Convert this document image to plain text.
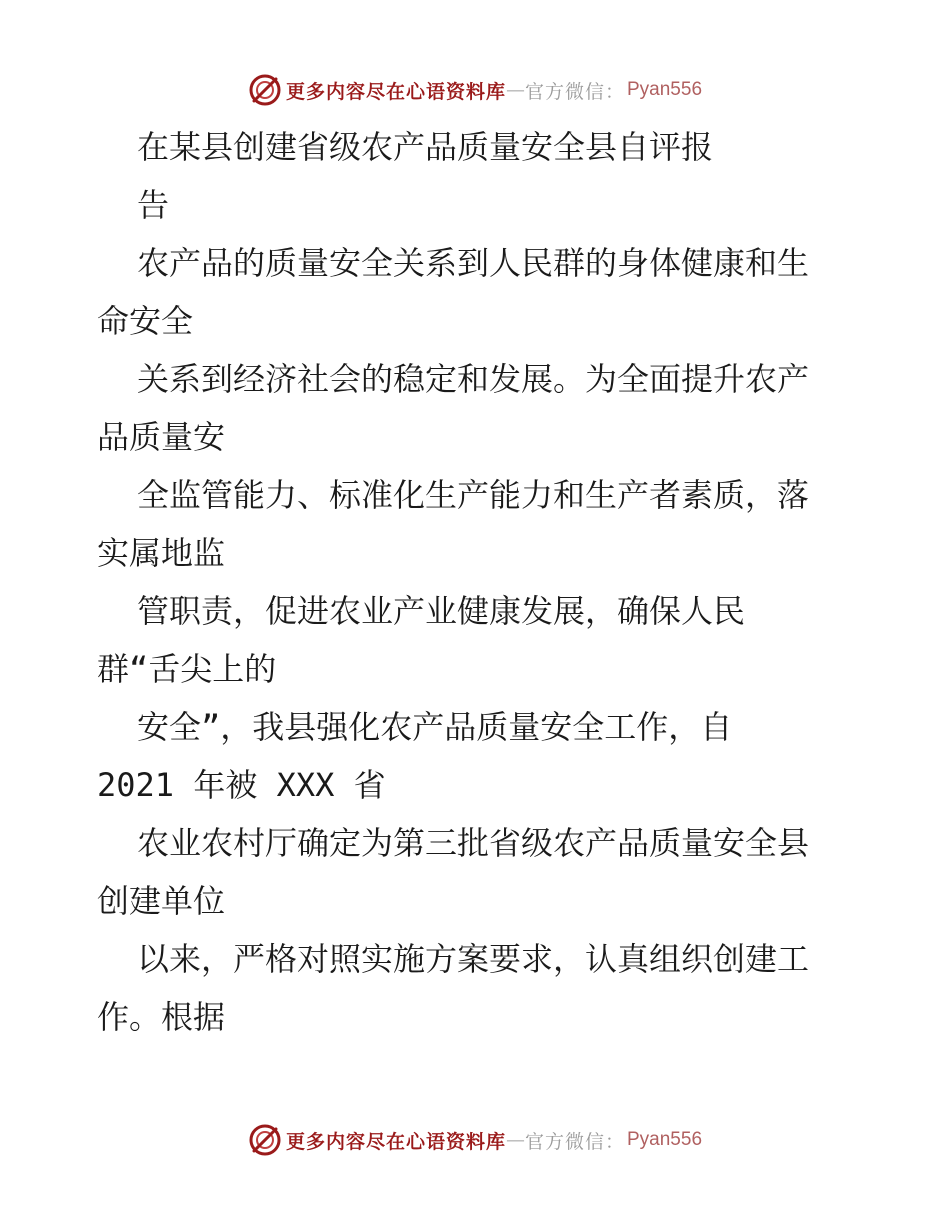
更多内容尽在心语资料库 — 官方微信： Pyan556
在某县创建省级农产品质量安全县自评报
告
农产品的质量安全关系到人民群的身体健康和生
命安全
关系到经济社会的稳定和发展。为全面提升农产
品质量安
全监管能力、标准化生产能力和生产者素质，落
实属地监
管职责，促进农业产业健康发展，确保人民
群“舌尖上的
安全”，我县强化农产品质量安全工作，自
2021 年被 XXX 省
农业农村厅确定为第三批省级农产品质量安全县
创建单位
以来，严格对照实施方案要求，认真组织创建工
作。根据
更多内容尽在心语资料库 — 官方微信： Pyan556
